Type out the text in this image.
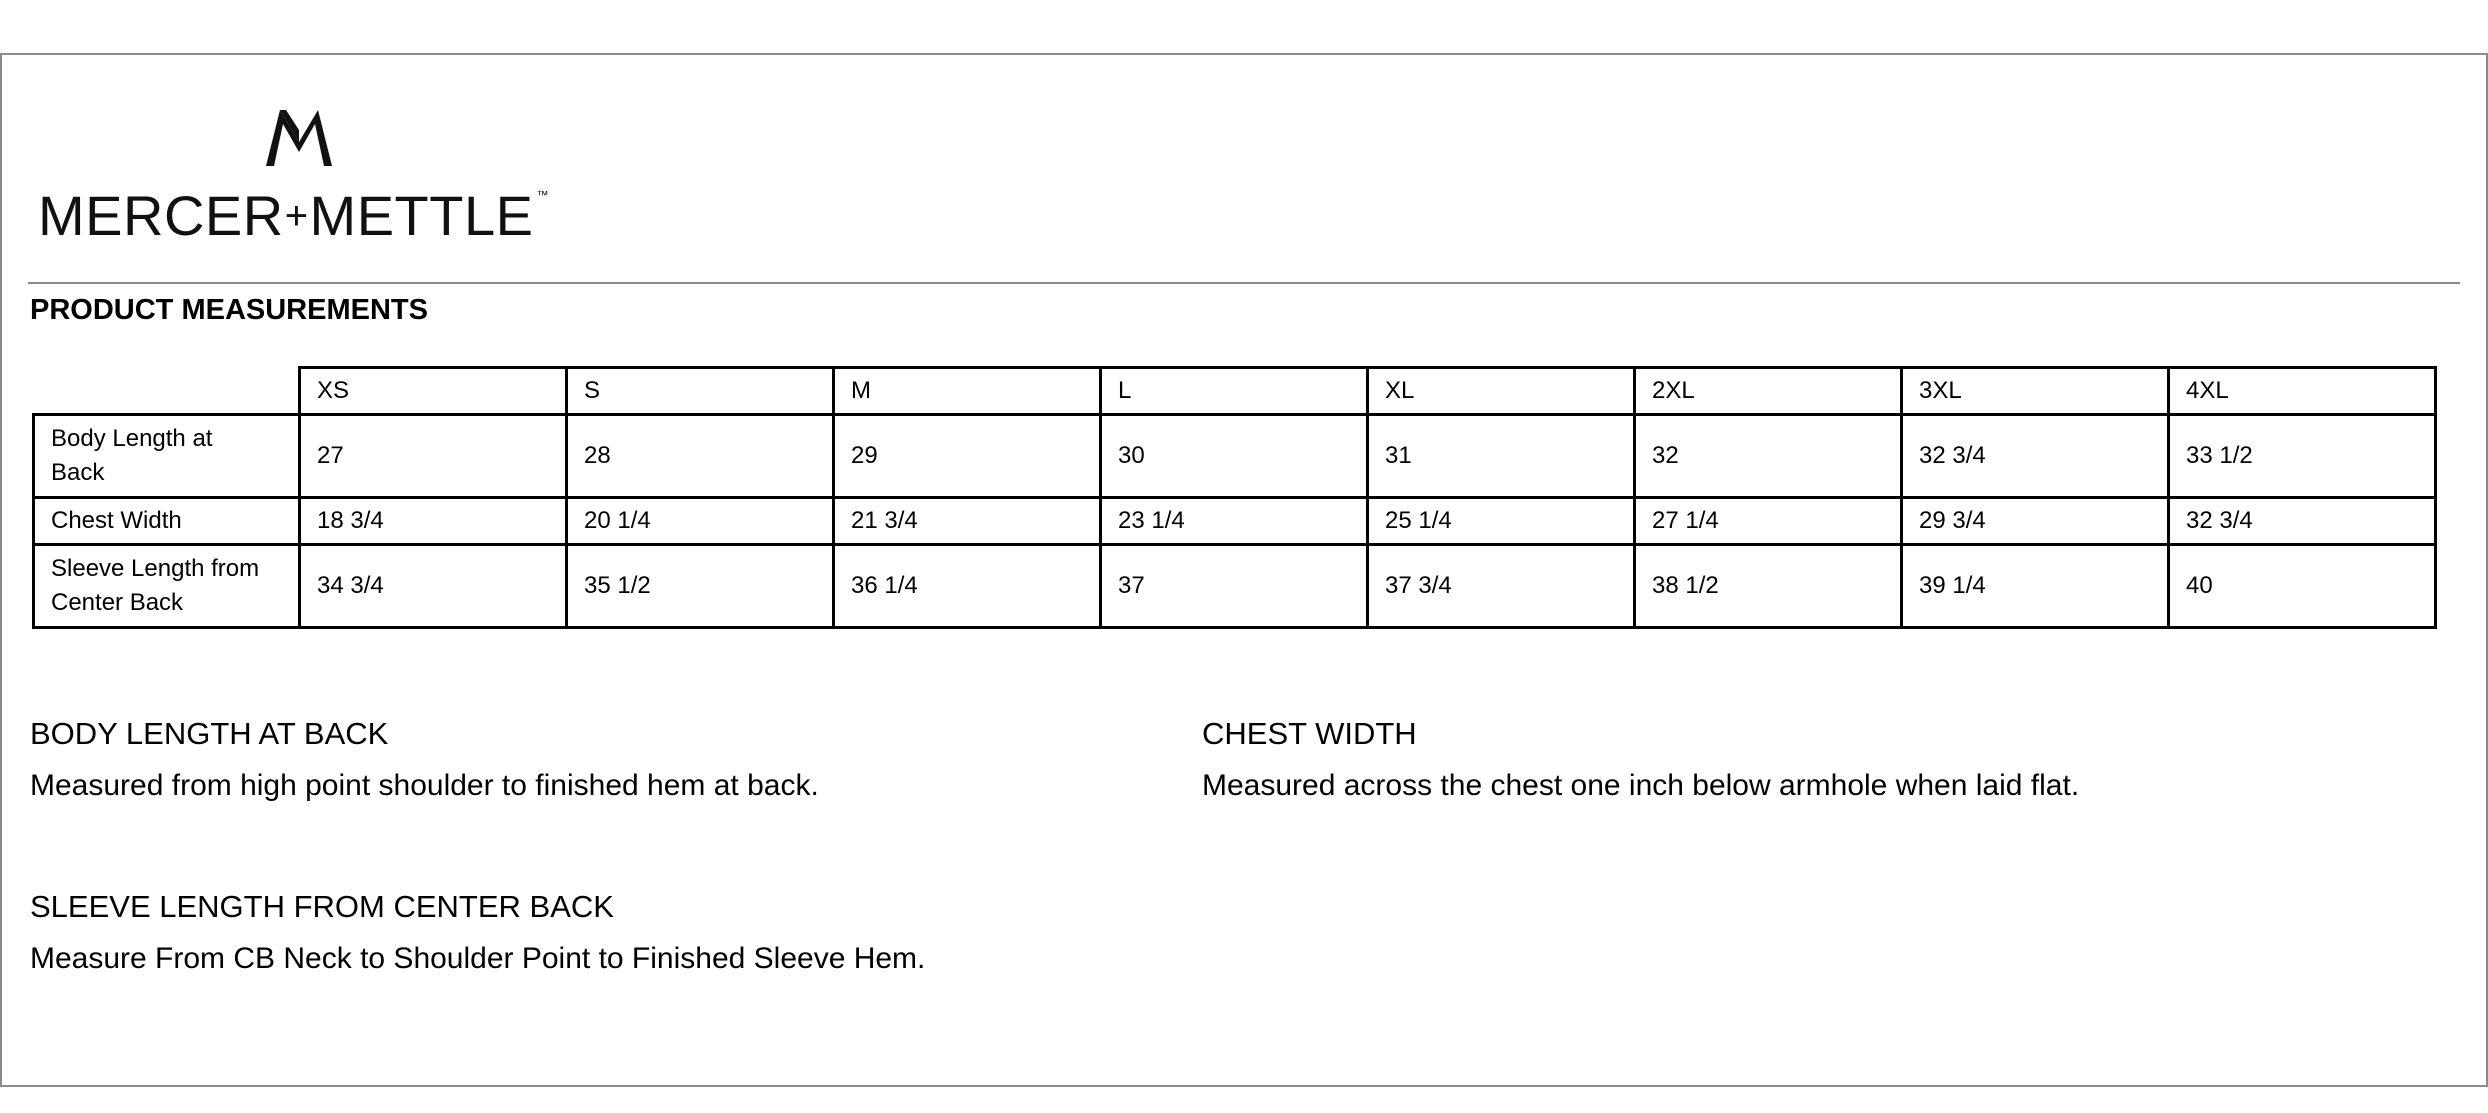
MERCER+METTLE ™
PRODUCT MEASUREMENTS
	XS	S	M	L	XL	2XL	3XL	4XL
Body Length at
Back	27	28	29	30	31	32	32 3/4	33 1/2
Chest Width	18 3/4	20 1/4	21 3/4	23 1/4	25 1/4	27 1/4	29 3/4	32 3/4
Sleeve Length from
Center Back	34 3/4	35 1/2	36 1/4	37	37 3/4	38 1/2	39 1/4	40
BODY LENGTH AT BACK
Measured from high point shoulder to finished hem at back.
CHEST WIDTH
Measured across the chest one inch below armhole when laid flat.
SLEEVE LENGTH FROM CENTER BACK
Measure From CB Neck to Shoulder Point to Finished Sleeve Hem.
